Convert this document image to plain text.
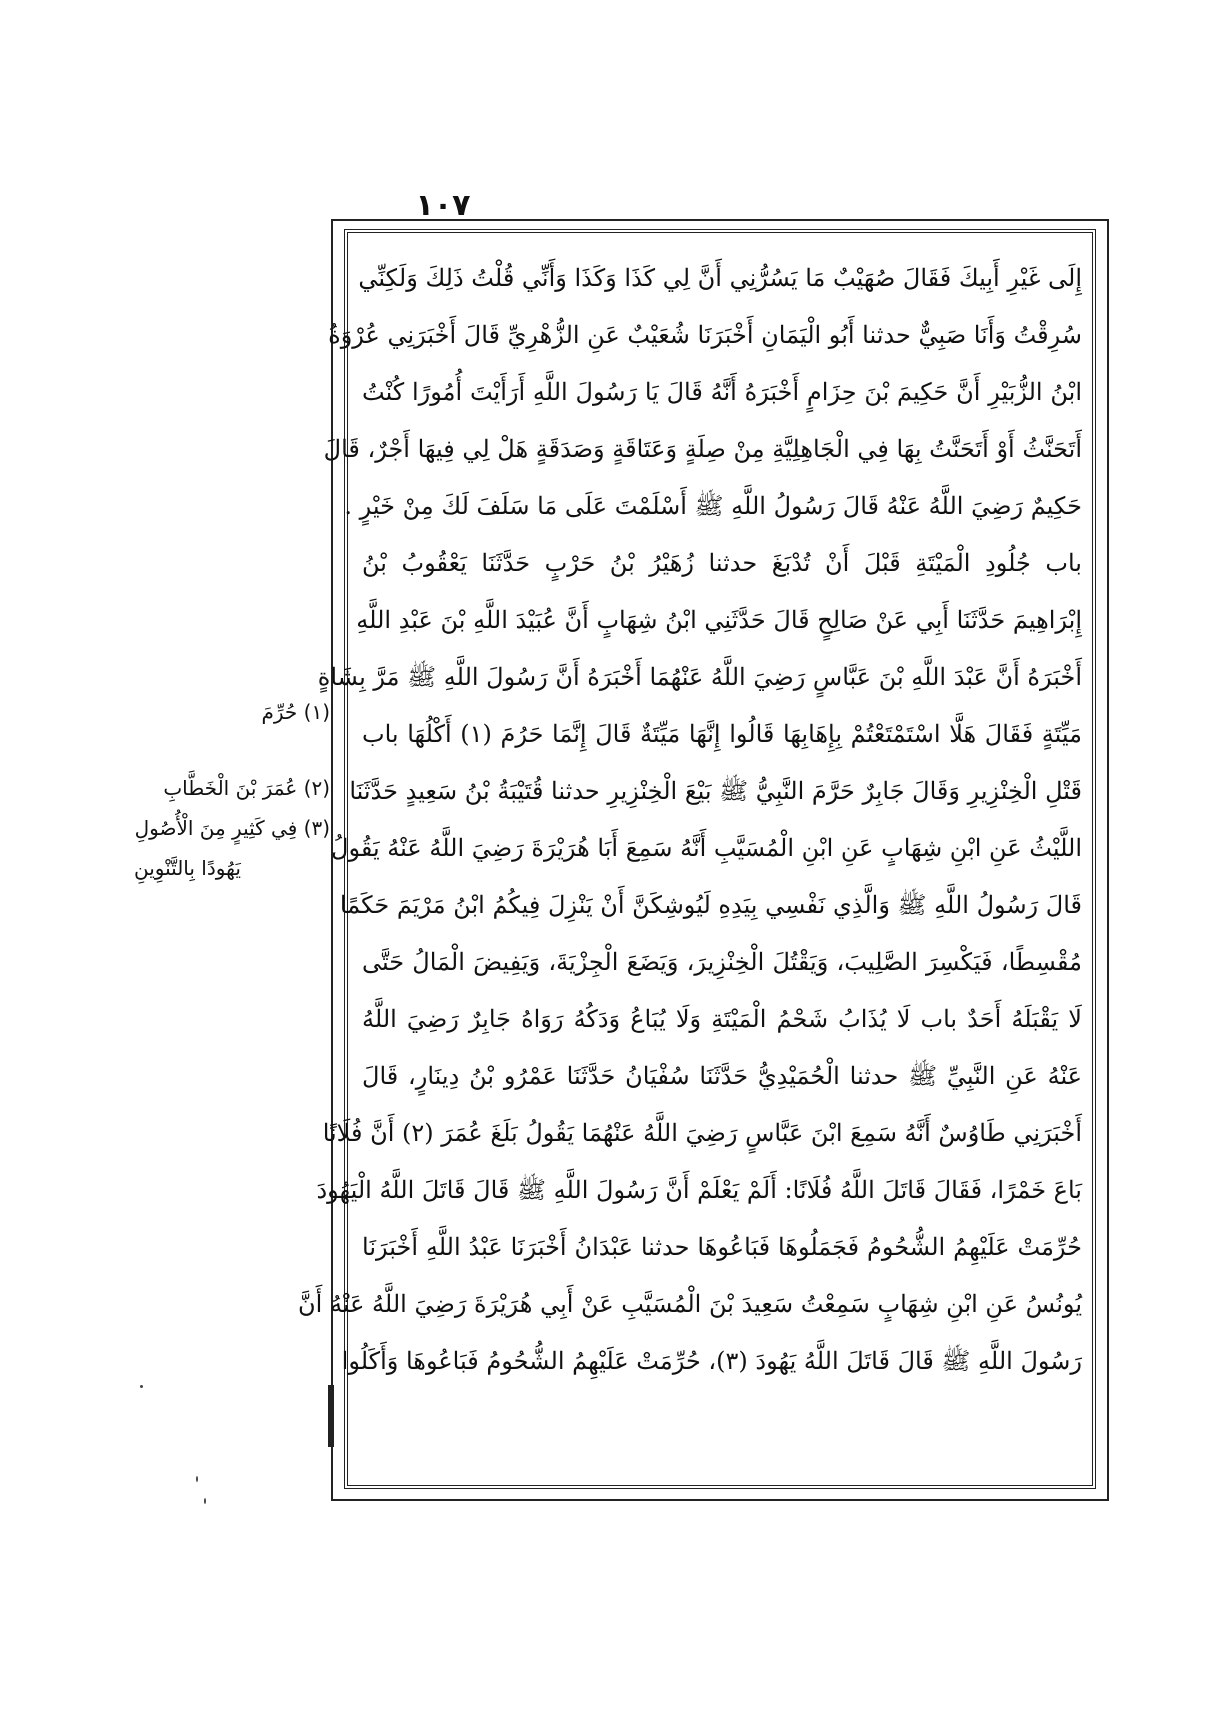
١٠٧
إِلَى غَيْرِ أَبِيكَ فَقَالَ صُهَيْبٌ مَا يَسُرُّنِي أَنَّ لِي كَذَا وَكَذَا وَأَنِّي قُلْتُ ذَلِكَ وَلَكِنِّي
سُرِقْتُ وَأَنَا صَبِيٌّ حدثنا أَبُو الْيَمَانِ أَخْبَرَنَا شُعَيْبٌ عَنِ الزُّهْرِيِّ قَالَ أَخْبَرَنِي عُرْوَةُ
ابْنُ الزُّبَيْرِ أَنَّ حَكِيمَ بْنَ حِزَامٍ أَخْبَرَهُ أَنَّهُ قَالَ يَا رَسُولَ اللَّهِ أَرَأَيْتَ أُمُورًا كُنْتُ
أَتَحَنَّثُ أَوْ أَتَحَنَّتُ بِهَا فِي الْجَاهِلِيَّةِ مِنْ صِلَةٍ وَعَتَاقَةٍ وَصَدَقَةٍ هَلْ لِي فِيهَا أَجْرٌ، قَالَ
حَكِيمٌ رَضِيَ اللَّهُ عَنْهُ قَالَ رَسُولُ اللَّهِ ﷺ أَسْلَمْتَ عَلَى مَا سَلَفَ لَكَ مِنْ خَيْرٍ .
باب جُلُودِ الْمَيْتَةِ قَبْلَ أَنْ تُدْبَغَ حدثنا زُهَيْرُ بْنُ حَرْبٍ حَدَّثَنَا يَعْقُوبُ بْنُ
إِبْرَاهِيمَ حَدَّثَنَا أَبِي عَنْ صَالِحٍ قَالَ حَدَّثَنِي ابْنُ شِهَابٍ أَنَّ عُبَيْدَ اللَّهِ بْنَ عَبْدِ اللَّهِ
أَخْبَرَهُ أَنَّ عَبْدَ اللَّهِ بْنَ عَبَّاسٍ رَضِيَ اللَّهُ عَنْهُمَا أَخْبَرَهُ أَنَّ رَسُولَ اللَّهِ ﷺ مَرَّ بِشَاةٍ
مَيِّتَةٍ فَقَالَ هَلَّا اسْتَمْتَعْتُمْ بِإِهَابِهَا قَالُوا إِنَّهَا مَيِّتَةٌ قَالَ إِنَّمَا حَرُمَ (١) أَكْلُهَا باب
قَتْلِ الْخِنْزِيرِ وَقَالَ جَابِرٌ حَرَّمَ النَّبِيُّ ﷺ بَيْعَ الْخِنْزِيرِ حدثنا قُتَيْبَةُ بْنُ سَعِيدٍ حَدَّثَنَا
اللَّيْثُ عَنِ ابْنِ شِهَابٍ عَنِ ابْنِ الْمُسَيَّبِ أَنَّهُ سَمِعَ أَبَا هُرَيْرَةَ رَضِيَ اللَّهُ عَنْهُ يَقُولُ
قَالَ رَسُولُ اللَّهِ ﷺ وَالَّذِي نَفْسِي بِيَدِهِ لَيُوشِكَنَّ أَنْ يَنْزِلَ فِيكُمُ ابْنُ مَرْيَمَ حَكَمًا
مُقْسِطًا، فَيَكْسِرَ الصَّلِيبَ، وَيَقْتُلَ الْخِنْزِيرَ، وَيَضَعَ الْجِزْيَةَ، وَيَفِيضَ الْمَالُ حَتَّى
لَا يَقْبَلَهُ أَحَدٌ باب لَا يُذَابُ شَحْمُ الْمَيْتَةِ وَلَا يُبَاعُ وَدَكُهُ رَوَاهُ جَابِرٌ رَضِيَ اللَّهُ
عَنْهُ عَنِ النَّبِيِّ ﷺ حدثنا الْحُمَيْدِيُّ حَدَّثَنَا سُفْيَانُ حَدَّثَنَا عَمْرُو بْنُ دِينَارٍ، قَالَ
أَخْبَرَنِي طَاوُسٌ أَنَّهُ سَمِعَ ابْنَ عَبَّاسٍ رَضِيَ اللَّهُ عَنْهُمَا يَقُولُ بَلَغَ عُمَرَ (٢) أَنَّ فُلَانًا
بَاعَ خَمْرًا، فَقَالَ قَاتَلَ اللَّهُ فُلَانًا: أَلَمْ يَعْلَمْ أَنَّ رَسُولَ اللَّهِ ﷺ قَالَ قَاتَلَ اللَّهُ الْيَهُودَ
حُرِّمَتْ عَلَيْهِمُ الشُّحُومُ فَجَمَلُوهَا فَبَاعُوهَا حدثنا عَبْدَانُ أَخْبَرَنَا عَبْدُ اللَّهِ أَخْبَرَنَا
يُونُسُ عَنِ ابْنِ شِهَابٍ سَمِعْتُ سَعِيدَ بْنَ الْمُسَيَّبِ عَنْ أَبِي هُرَيْرَةَ رَضِيَ اللَّهُ عَنْهُ أَنَّ
رَسُولَ اللَّهِ ﷺ قَالَ قَاتَلَ اللَّهُ يَهُودَ (٣)، حُرِّمَتْ عَلَيْهِمُ الشُّحُومُ فَبَاعُوهَا وَأَكَلُوا
(١) حُرِّمَ
(٢) عُمَرَ بْنَ الْخَطَّابِ
(٣) فِي كَثِيرٍ مِنَ الْأُصُولِ
يَهُودًا بِالتَّنْوِينِ
